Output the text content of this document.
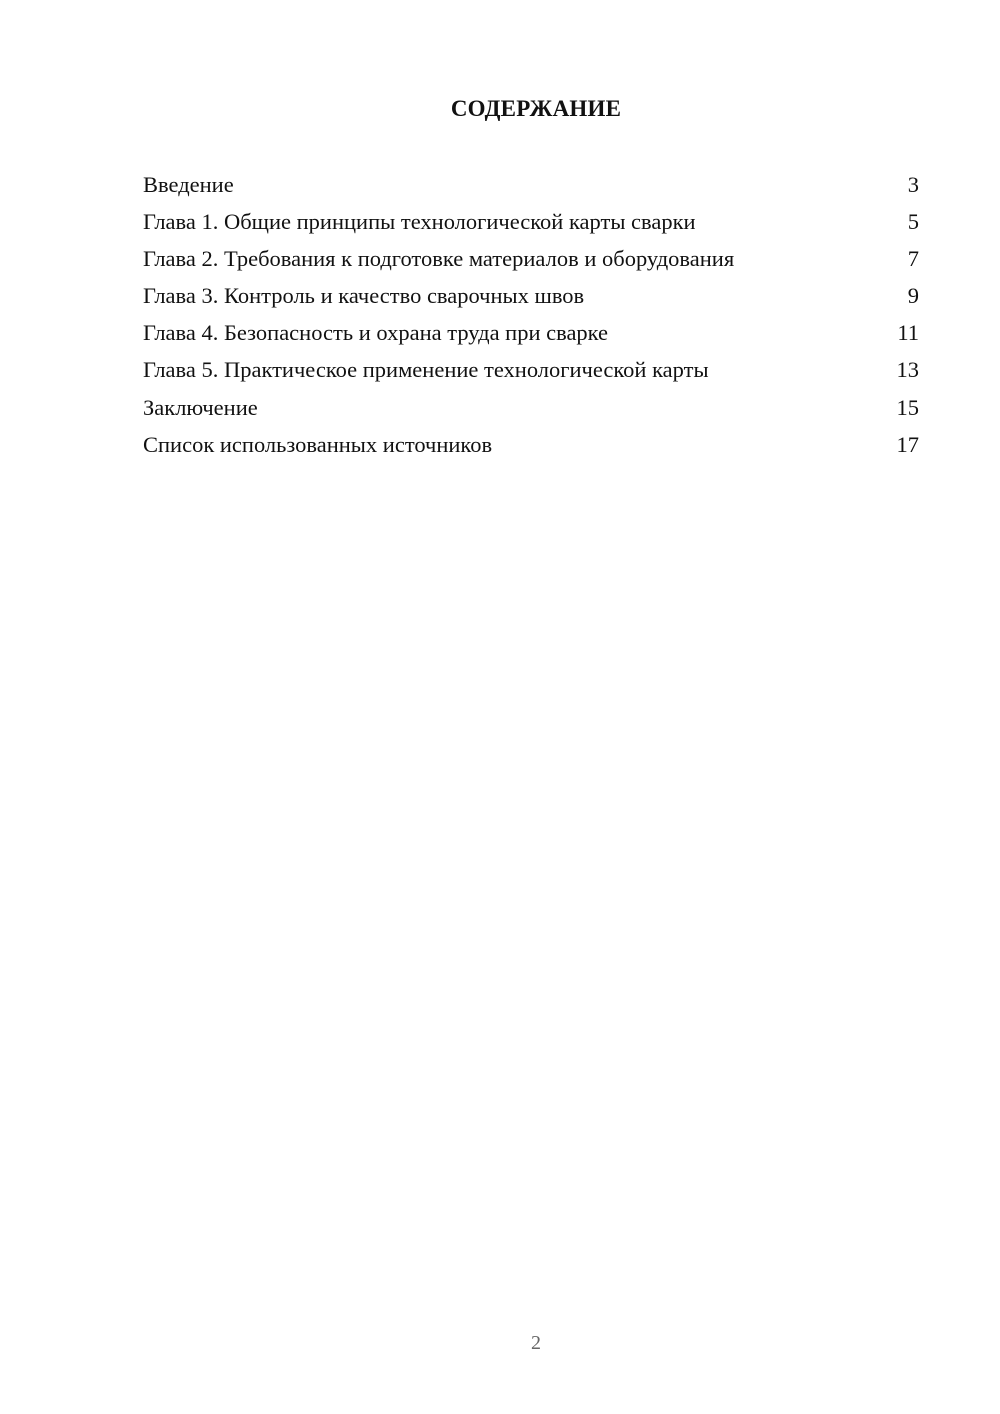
СОДЕРЖАНИЕ
Введение	3
Глава 1. Общие принципы технологической карты сварки	5
Глава 2. Требования к подготовке материалов и оборудования	7
Глава 3. Контроль и качество сварочных швов	9
Глава 4. Безопасность и охрана труда при сварке	11
Глава 5. Практическое применение технологической карты	13
Заключение	15
Список использованных источников	17
2
